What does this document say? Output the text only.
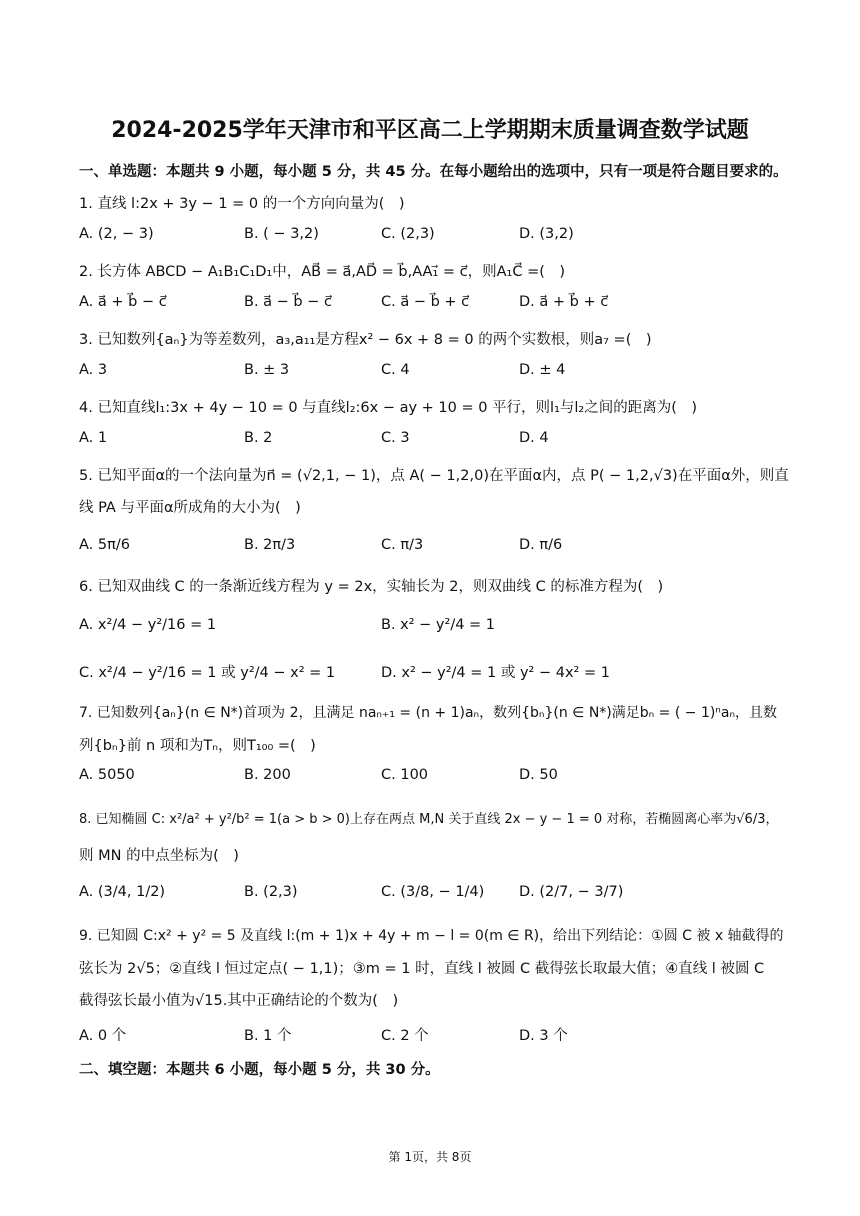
2024-2025学年天津市和平区高二上学期期末质量调查数学试题
一、单选题：本题共 9 小题，每小题 5 分，共 45 分。在每小题给出的选项中，只有一项是符合题目要求的。
1. 直线 l:2x + 3y − 1 = 0 的一个方向向量为(　)
A. (2, − 3)	B. ( − 3,2)	C. (2,3)	D. (3,2)
2. 长方体 ABCD − A₁B₁C₁D₁中，AB⃗ = a⃗,AD⃗ = b⃗,AA₁⃗ = c⃗，则A₁C⃗ =(　)
A. a⃗ + b⃗ − c⃗	B. a⃗ − b⃗ − c⃗	C. a⃗ − b⃗ + c⃗	D. a⃗ + b⃗ + c⃗
3. 已知数列{aₙ}为等差数列，a₃,a₁₁是方程x² − 6x + 8 = 0 的两个实数根，则a₇ =(　)
A. 3	B. ± 3	C. 4	D. ± 4
4. 已知直线l₁:3x + 4y − 10 = 0 与直线l₂:6x − ay + 10 = 0 平行，则l₁与l₂之间的距离为(　)
A. 1	B. 2	C. 3	D. 4
5. 已知平面α的一个法向量为n⃗ = (√2,1, − 1)，点 A( − 1,2,0)在平面α内，点 P( − 1,2,√3)在平面α外，则直
线 PA 与平面α所成角的大小为(　)
A. 5π/6	B. 2π/3	C. π/3	D. π/6
6. 已知双曲线 C 的一条渐近线方程为 y = 2x，实轴长为 2，则双曲线 C 的标准方程为(　)
A. x²/4 − y²/16 = 1	B. x² − y²/4 = 1
C. x²/4 − y²/16 = 1 或 y²/4 − x² = 1	D. x² − y²/4 = 1 或 y² − 4x² = 1
7. 已知数列{aₙ}(n ∈ N*)首项为 2，且满足 naₙ₊₁ = (n + 1)aₙ，数列{bₙ}(n ∈ N*)满足bₙ = ( − 1)ⁿaₙ，且数
列{bₙ}前 n 项和为Tₙ，则T₁₀₀ =(　)
A. 5050	B. 200	C. 100	D. 50
8. 已知椭圆 C: x²/a² + y²/b² = 1(a > b > 0)上存在两点 M,N 关于直线 2x − y − 1 = 0 对称，若椭圆离心率为√6/3，
则 MN 的中点坐标为(　)
A. (3/4, 1/2)	B. (2,3)	C. (3/8, − 1/4) D. (2/7, − 3/7)
9. 已知圆 C:x² + y² = 5 及直线 l:(m + 1)x + 4y + m − l = 0(m ∈ R)，给出下列结论：①圆 C 被 x 轴截得的
弦长为 2√5；②直线 l 恒过定点( − 1,1)；③m = 1 时，直线 l 被圆 C 截得弦长取最大值；④直线 l 被圆 C
截得弦长最小值为√15.其中正确结论的个数为(　)
A. 0 个	B. 1 个	C. 2 个	D. 3 个
二、填空题：本题共 6 小题，每小题 5 分，共 30 分。
第 1页，共 8页
